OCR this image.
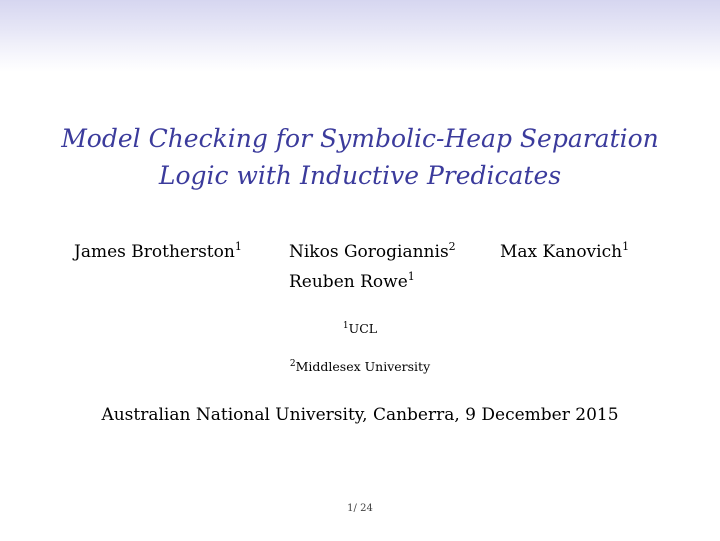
Model Checking for Symbolic-Heap Separation
Logic with Inductive Predicates
James Brotherston$^1$	Nikos Gorogiannis$^2$	Max Kanovich$^1$
Reuben Rowe$^1$
$^1$UCL
$^2$Middlesex University
Australian National University, Canberra, 9 December 2015
1/ 24
